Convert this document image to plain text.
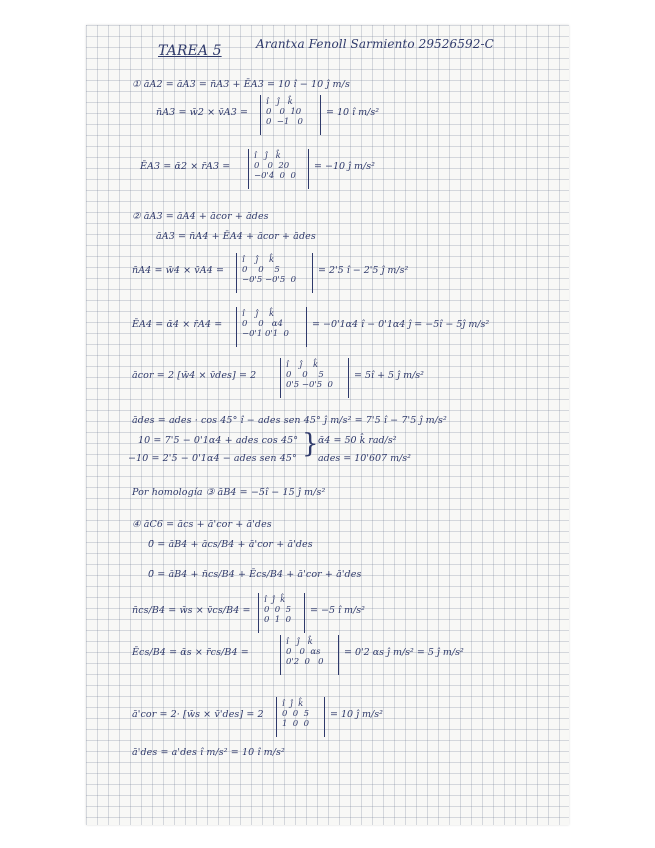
TAREA 5	Arantxa Fenoll Sarmiento 29526592-C
① āA2 = āA3 = n̄A3 + ĒA3 = 10 î − 10 ĵ m/s
n̄A3 = w̄2 × v̄A3 =
î   ĵ   k̂
0   0  10
0  −1   0
= 10 î m/s²
ĒA3 = ᾱ2 × r̄A3 =
î   ĵ   k̂
0   0  20
−0'4  0  0
= −10 ĵ m/s²
② āA3 = āA4 + ācor + ādes
āA3 = n̄A4 + ĒA4 + ācor + ādes
n̄A4 = w̄4 × v̄A4 =
î    ĵ    k̂
0    0    5
−0'5 −0'5  0
= 2'5 î − 2'5 ĵ m/s²
ĒA4 = ᾱ4 × r̄A4 =
î    ĵ    k̂
0    0   α4
−0'1 0'1  0
= −0'1α4 î − 0'1α4 ĵ = −5î − 5ĵ m/s²
ācor = 2 [w̄4 × v̄des] = 2
î    ĵ    k̂
0    0    5
0'5 −0'5  0
= 5î + 5 ĵ m/s²
ādes = ades · cos 45° î − ades sen 45° ĵ m/s² = 7'5 î − 7'5 ĵ m/s²
10 = 7'5 − 0'1α4 + ades cos 45°
−10 = 2'5 − 0'1α4 − ades sen 45° } ᾱ4 = 50 k̂ rad/s²
ades = 10'607 m/s²
Por homología ③ āB4 = −5î − 15 ĵ m/s²
④ āC6 = ācs + ā'cor + ā'des
0̄ = āB4 + ācs/B4 + ā'cor + ā'des
0̄ = āB4 + n̄cs/B4 + Ēcs/B4 + ā'cor + ā'des
n̄cs/B4 = w̄s × v̄cs/B4 =
î  ĵ  k̂
0  0  5
0  1  0
= −5 î m/s²
Ēcs/B4 = ᾱs × r̄cs/B4 =
î   ĵ   k̂
0   0  αs
0'2  0   0
= 0'2 αs ĵ m/s² = 5 ĵ m/s²
ā'cor = 2· [w̄s × v̄'des] = 2
î  ĵ  k̂
0  0  5
1  0  0
= 10 ĵ m/s²
ā'des = a'des î m/s² = 10 î m/s²
